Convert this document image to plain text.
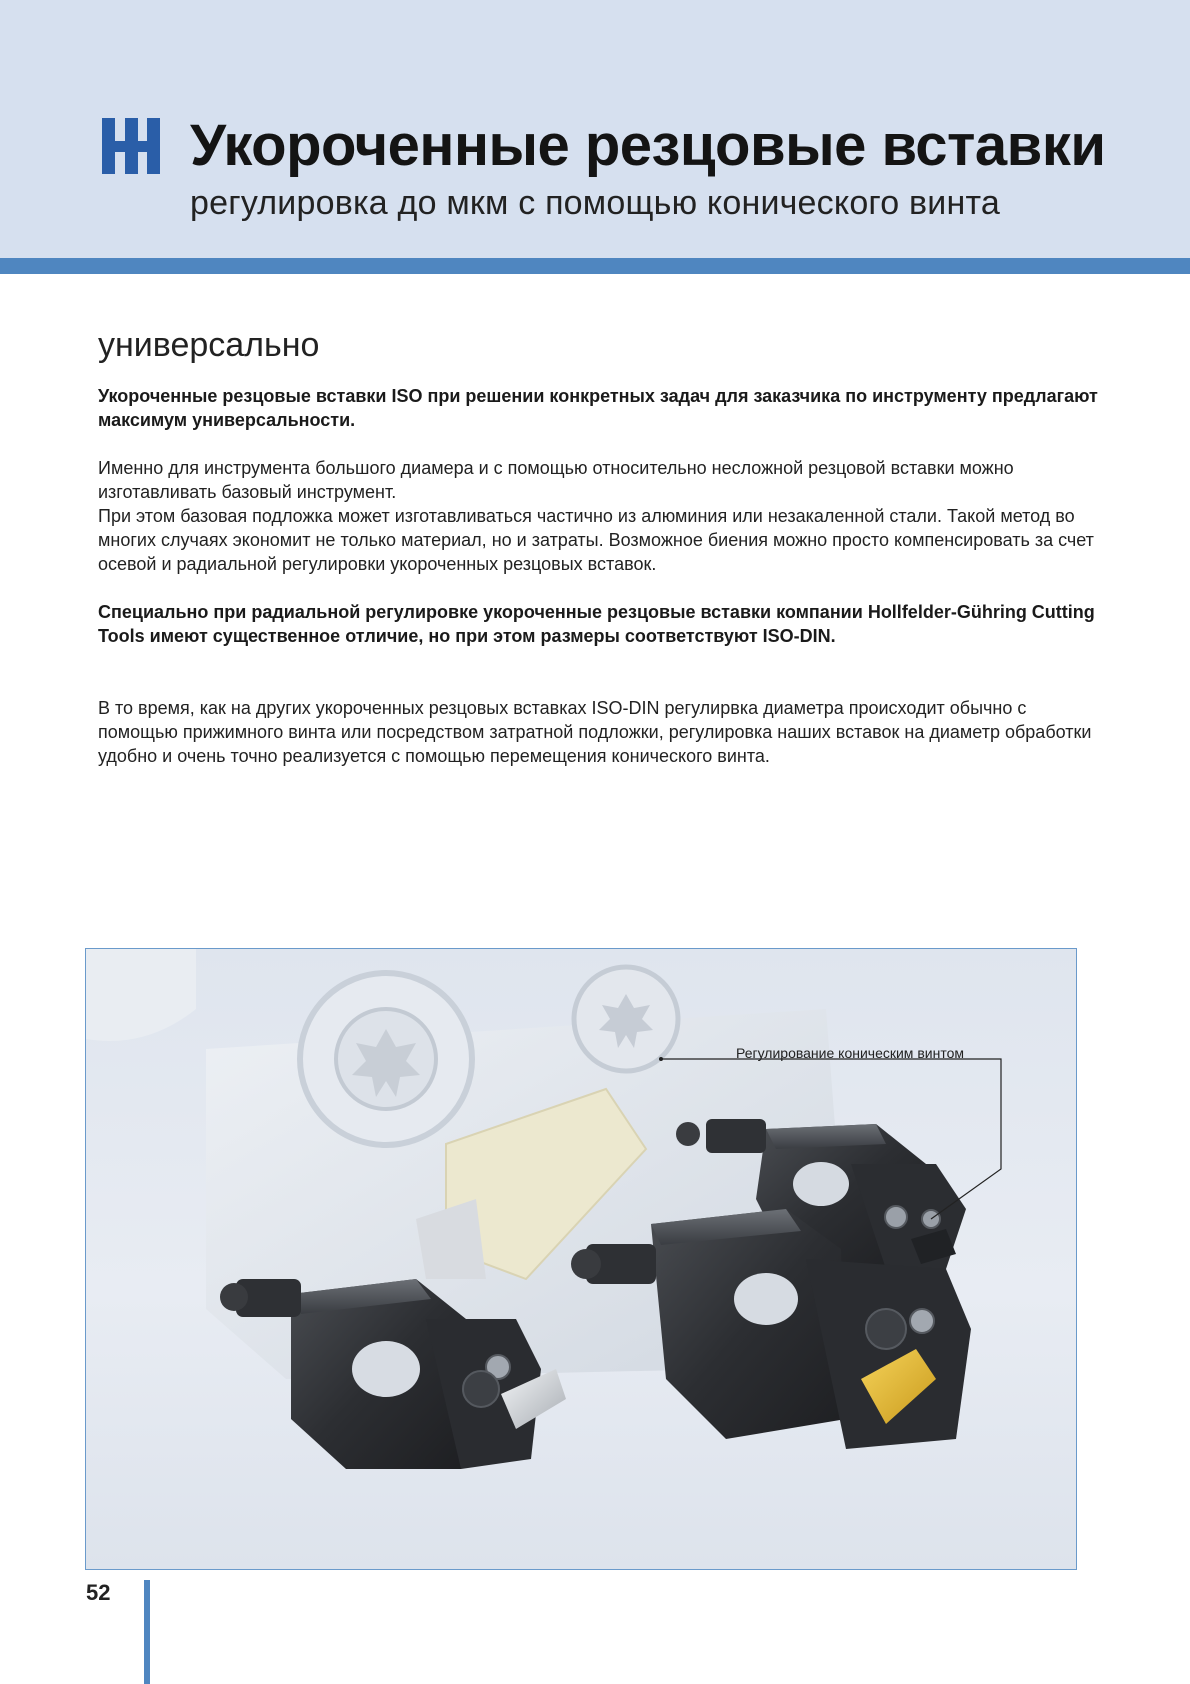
Укороченные резцовые вставки
регулировка до мкм с помощью конического винта
универсально

Укороченные резцовые вставки ISO при решении конкретных задач для заказчика по инструменту предлагают максимум универсальности.

Именно для инструмента большого диамера и с помощью относительно несложной резцовой вставки можно изготавливать базовый инструмент.
При этом базовая подложка может изготавливаться частично из алюминия или незакаленной стали. Такой метод во многих случаях экономит не только материал, но и затраты. Возможное биения можно просто компенсировать за счет осевой и радиальной регулировки укороченных резцовых вставок.

Специально при радиальной регулировке укороченные резцовые вставки компании Hollfelder-Gühring Cutting Tools имеют существенное отличие, но при этом размеры соответствуют ISO-DIN.

В то время, как на других укороченных резцовых вставках ISO-DIN регулирвка диаметра происходит обычно с помощью прижимного винта или посредством затратной подложки, регулировка наших вставок на диаметр обработки удобно и очень точно реализуется с помощью перемещения конического винта.

Регулирование коническим винтом
52
